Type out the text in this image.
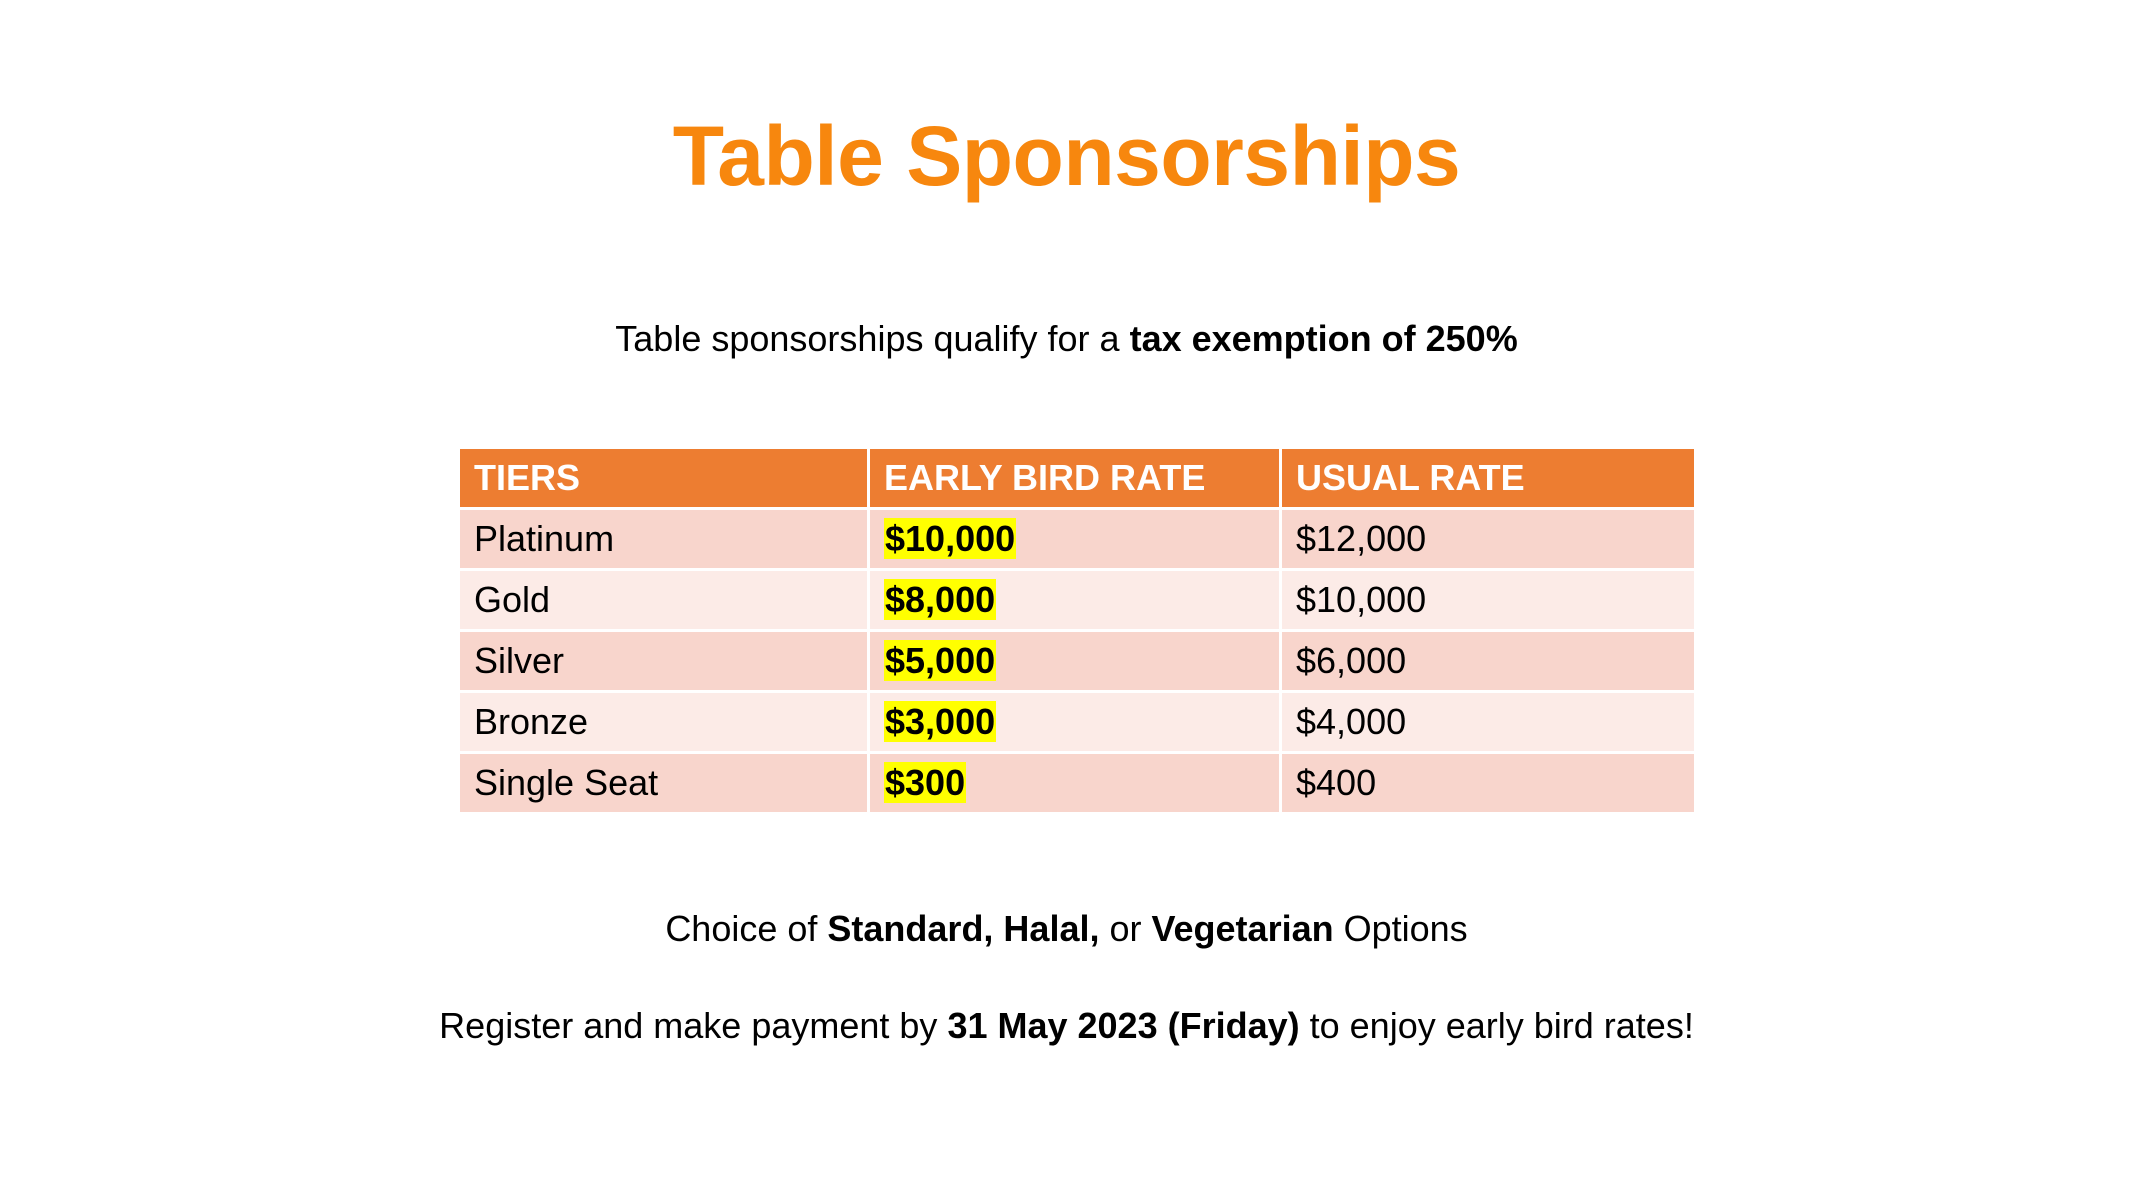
Table Sponsorships
Table sponsorships qualify for a tax exemption of 250%
TIERS	EARLY BIRD RATE	USUAL RATE
Platinum	$10,000	$12,000
Gold	$8,000	$10,000
Silver	$5,000	$6,000
Bronze	$3,000	$4,000
Single Seat	$300	$400
Choice of Standard, Halal, or Vegetarian Options
Register and make payment by 31 May 2023 (Friday) to enjoy early bird rates!
